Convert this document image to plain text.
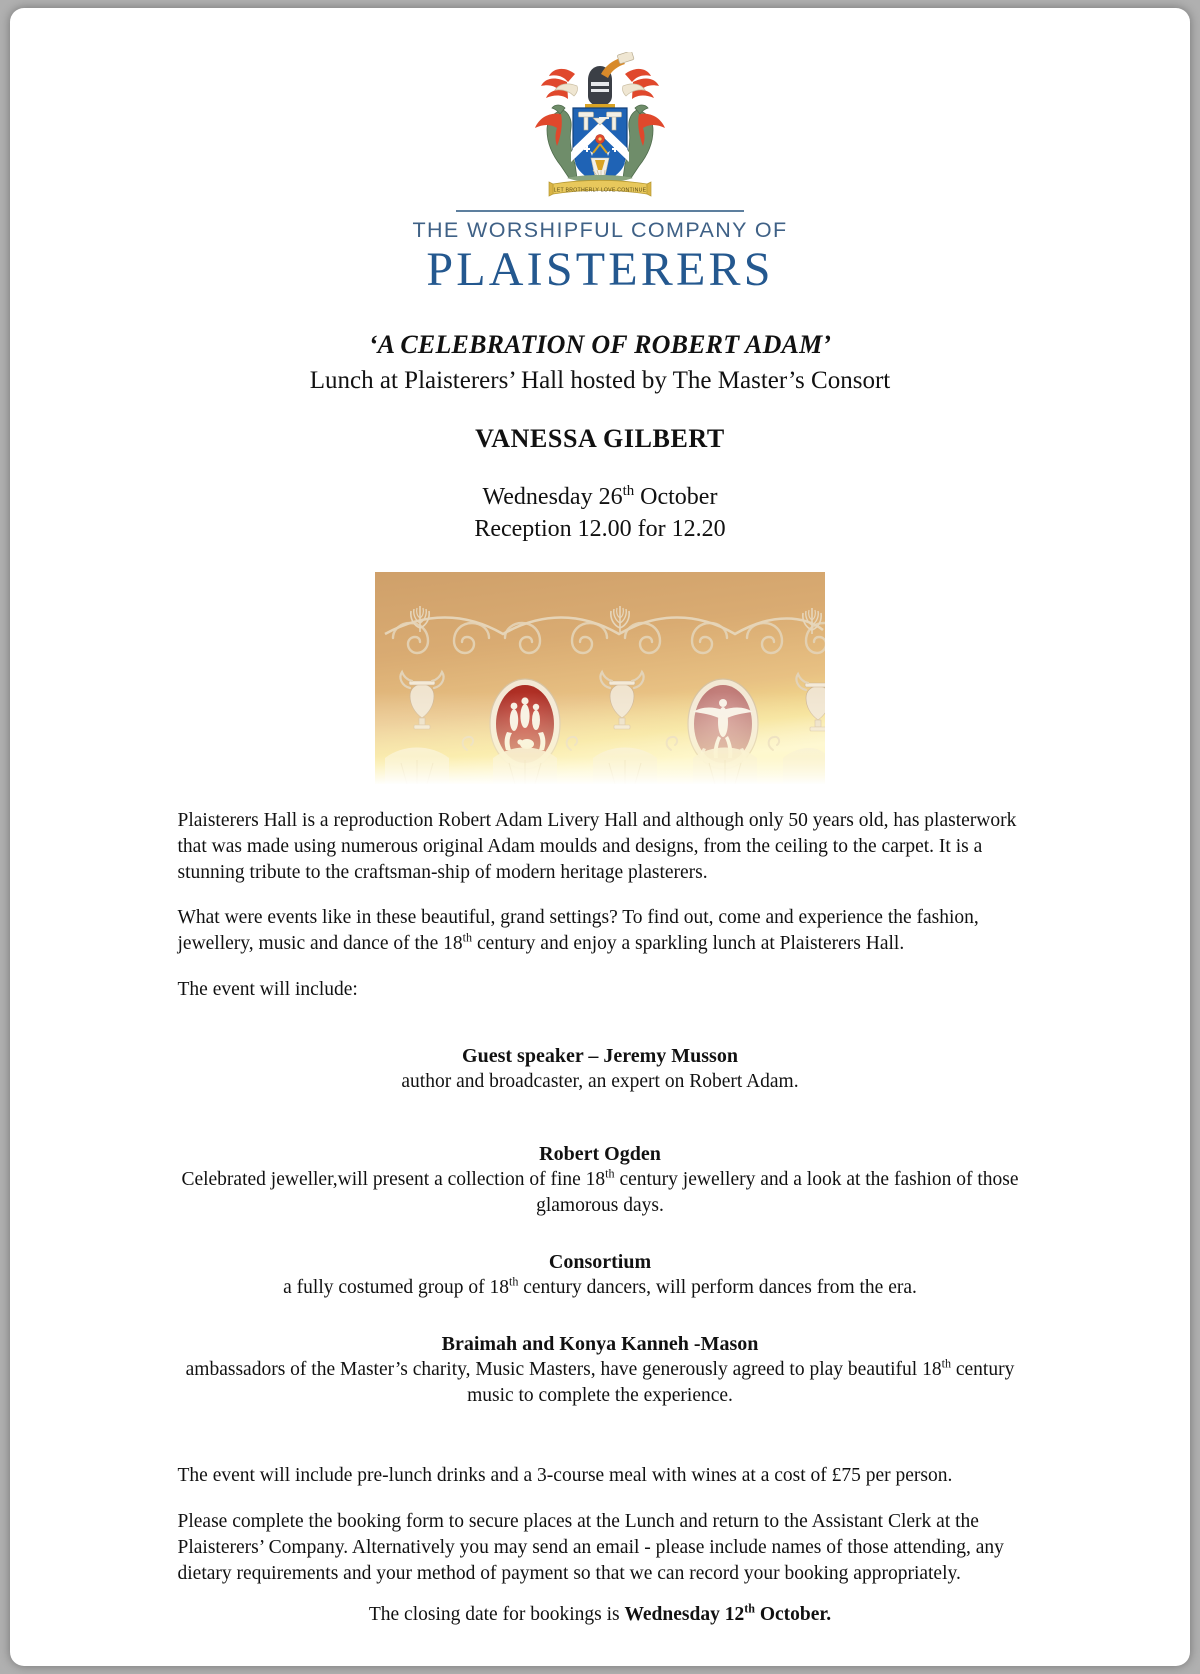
LET BROTHERLY LOVE CONTINUE
THE WORSHIPFUL COMPANY OF
PLAISTERERS
‘A CELEBRATION OF ROBERT ADAM’
Lunch at Plaisterers’ Hall hosted by The Master’s Consort
VANESSA GILBERT
Wednesday 26th October
Reception 12.00 for 12.20

Plaisterers Hall is a reproduction Robert Adam Livery Hall and although only 50 years old, has plasterwork that was made using numerous original Adam moulds and designs, from the ceiling to the carpet. It is a stunning tribute to the craftsman-ship of modern heritage plasterers.

What were events like in these beautiful, grand settings? To find out, come and experience the fashion, jewellery, music and dance of the 18th century and enjoy a sparkling lunch at Plaisterers Hall.

The event will include:

Guest speaker – Jeremy Musson
author and broadcaster, an expert on Robert Adam.
Robert Ogden
Celebrated jeweller,will present a collection of fine 18th century jewellery and a look at the fashion of those glamorous days.
Consortium
a fully costumed group of 18th century dancers, will perform dances from the era.
Braimah and Konya Kanneh -Mason
ambassadors of the Master’s charity, Music Masters, have generously agreed to play beautiful 18th century music to complete the experience.

The event will include pre-lunch drinks and a 3-course meal with wines at a cost of £75 per person.

Please complete the booking form to secure places at the Lunch and return to the Assistant Clerk at the Plaisterers’ Company. Alternatively you may send an email - please include names of those attending, any dietary requirements and your method of payment so that we can record your booking appropriately.

The closing date for bookings is Wednesday 12th October.
